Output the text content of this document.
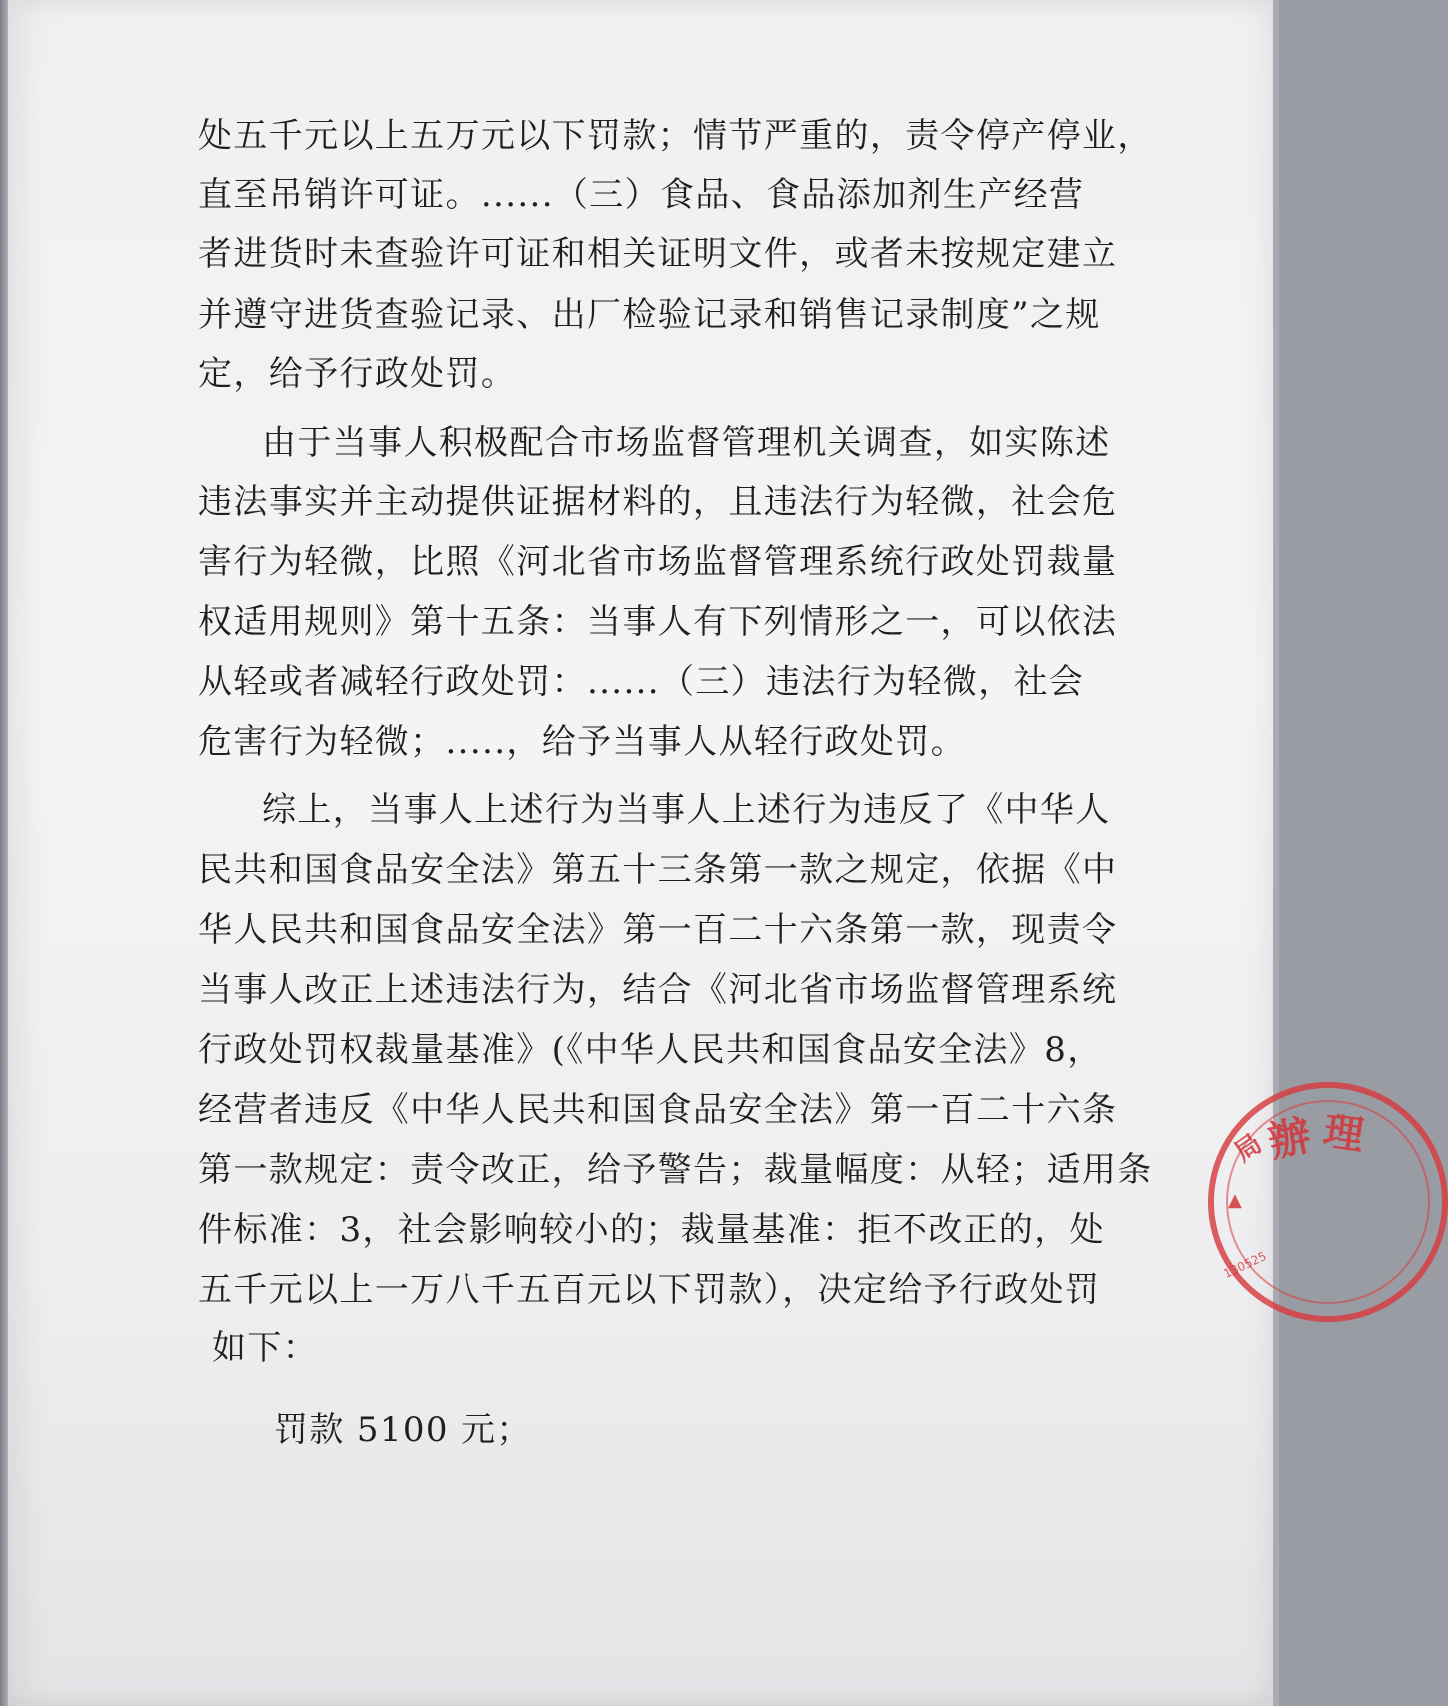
处五千元以上五万元以下罚款；情节严重的，责令停产停业，
直至吊销许可证。......（三）食品、食品添加剂生产经营
者进货时未查验许可证和相关证明文件，或者未按规定建立
并遵守进货查验记录、出厂检验记录和销售记录制度”之规
定，给予行政处罚。
由于当事人积极配合市场监督管理机关调查，如实陈述
违法事实并主动提供证据材料的，且违法行为轻微，社会危
害行为轻微，比照《河北省市场监督管理系统行政处罚裁量
权适用规则》第十五条：当事人有下列情形之一，可以依法
从轻或者减轻行政处罚：......（三）违法行为轻微，社会
危害行为轻微；.....，给予当事人从轻行政处罚。
综上，当事人上述行为当事人上述行为违反了《中华人
民共和国食品安全法》第五十三条第一款之规定，依据《中
华人民共和国食品安全法》第一百二十六条第一款，现责令
当事人改正上述违法行为，结合《河北省市场监督管理系统
行政处罚权裁量基准》(《中华人民共和国食品安全法》8，
经营者违反《中华人民共和国食品安全法》第一百二十六条
第一款规定：责令改正，给予警告；裁量幅度：从轻；适用条
件标准：3，社会影响较小的；裁量基准：拒不改正的，处
五千元以上一万八千五百元以下罚款），决定给予行政处罚
如下：
罚款 5100 元；
局
辦 理
▲
130525
